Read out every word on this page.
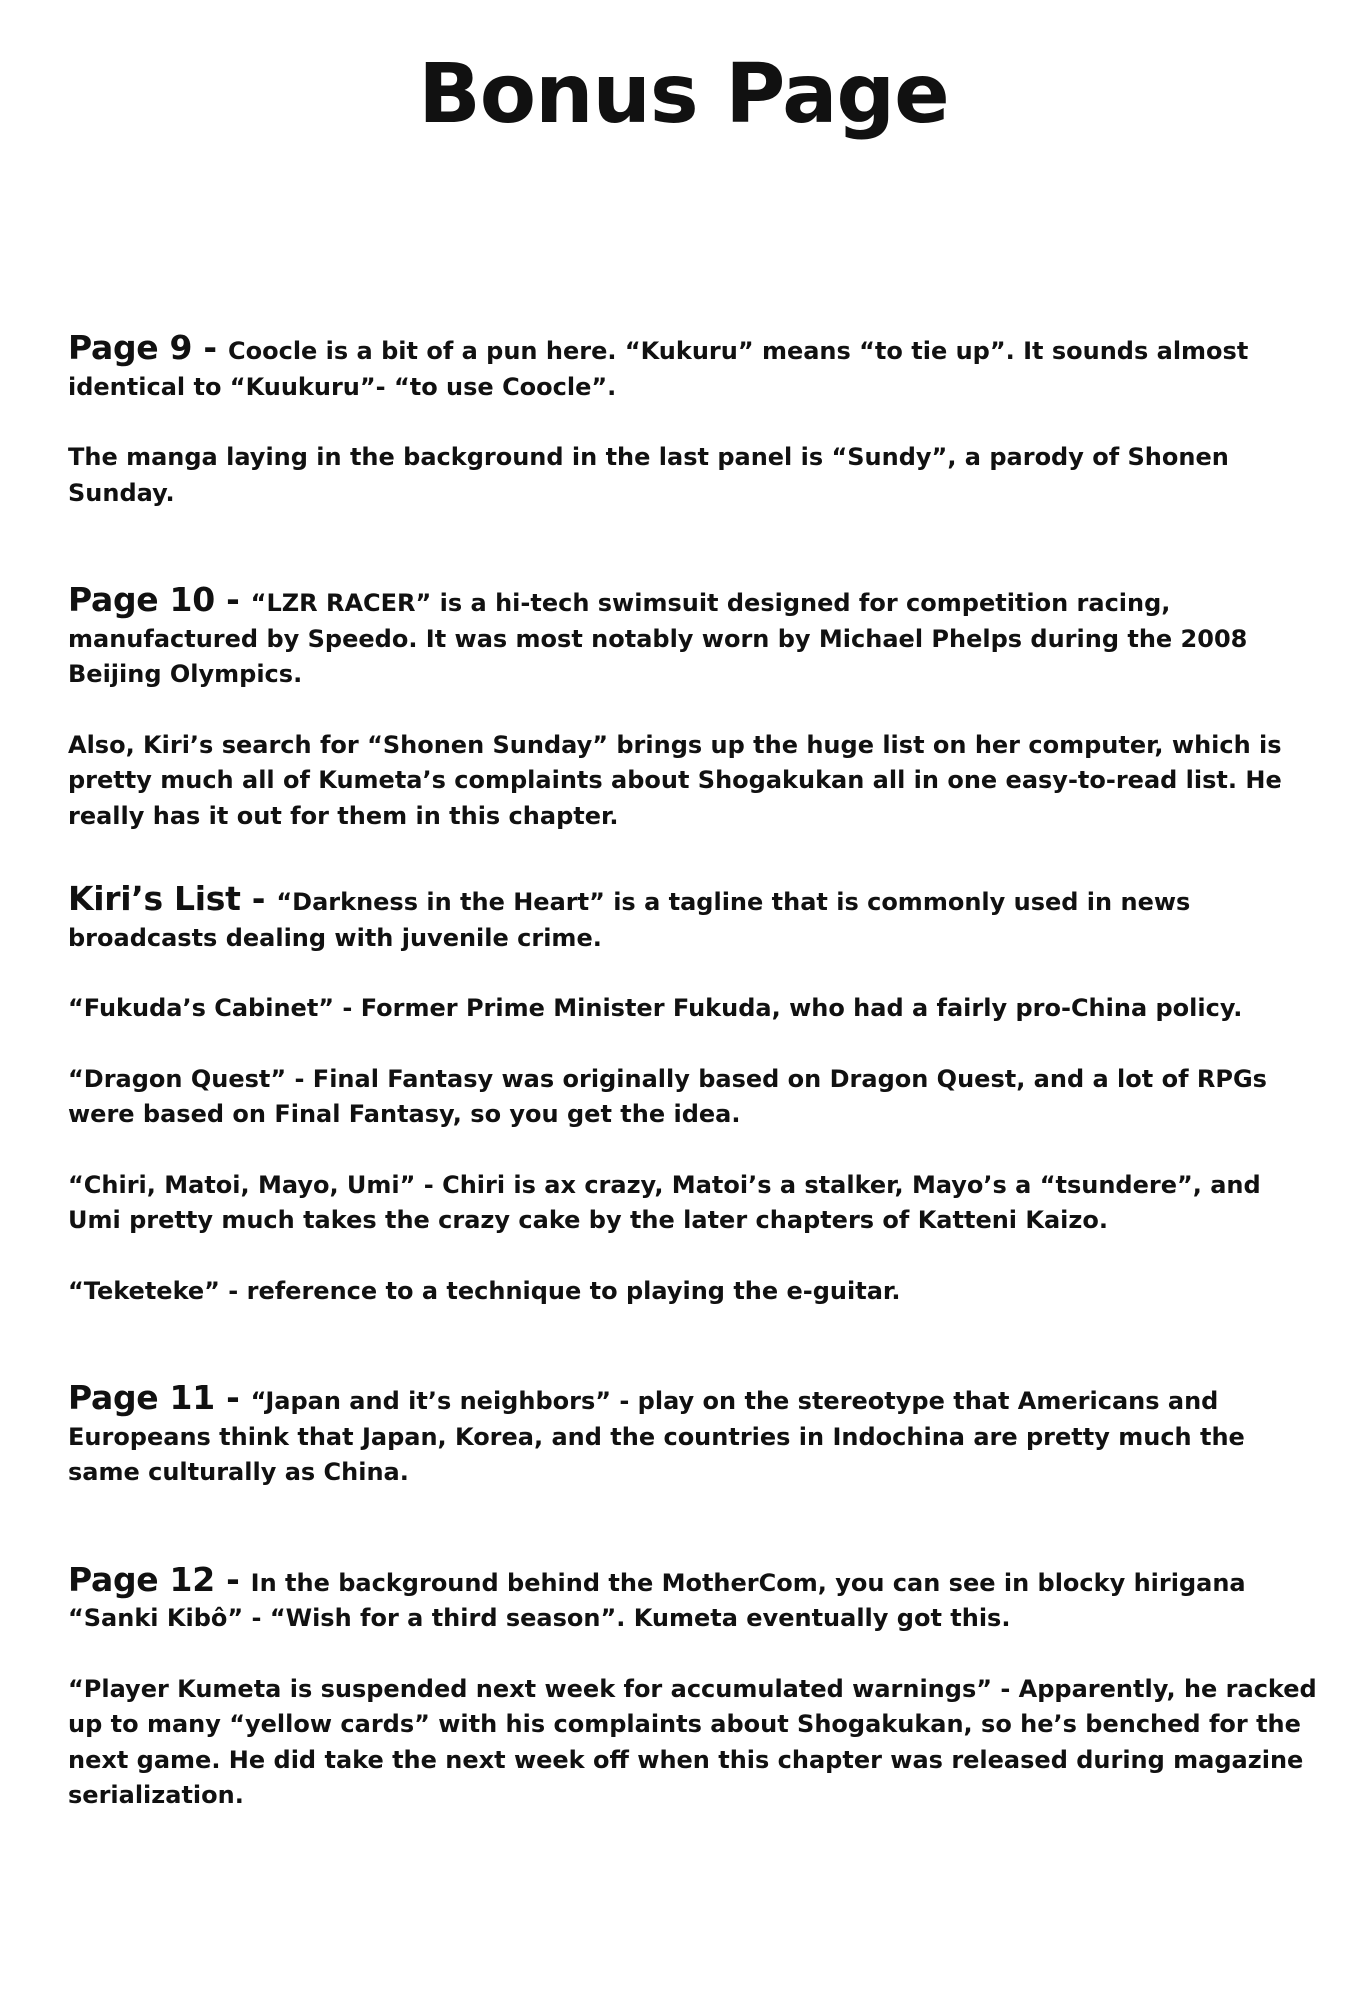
Bonus Page

Page 9 - Coocle is a bit of a pun here. “Kukuru” means “to tie up”. It sounds almost identical to “Kuukuru”- “to use Coocle”.

The manga laying in the background in the last panel is “Sundy”, a parody of Shonen Sunday.

Page 10 - “LZR RACER” is a hi-tech swimsuit designed for competition racing, manufactured by Speedo. It was most notably worn by Michael Phelps during the 2008 Beijing Olympics.

Also, Kiri’s search for “Shonen Sunday” brings up the huge list on her computer, which is pretty much all of Kumeta’s complaints about Shogakukan all in one easy-to-read list. He really has it out for them in this chapter.

Kiri’s List - “Darkness in the Heart” is a tagline that is commonly used in news broadcasts dealing with juvenile crime.

“Fukuda’s Cabinet” - Former Prime Minister Fukuda, who had a fairly pro-China policy.

“Dragon Quest” - Final Fantasy was originally based on Dragon Quest, and a lot of RPGs were based on Final Fantasy, so you get the idea.

“Chiri, Matoi, Mayo, Umi” - Chiri is ax crazy, Matoi’s a stalker, Mayo’s a “tsundere”, and Umi pretty much takes the crazy cake by the later chapters of Katteni Kaizo.

“Teketeke” - reference to a technique to playing the e-guitar.

Page 11 - “Japan and it’s neighbors” - play on the stereotype that Americans and Europeans think that Japan, Korea, and the countries in Indochina are pretty much the same culturally as China.

Page 12 - In the background behind the MotherCom, you can see in blocky hirigana “Sanki Kibô” - “Wish for a third season”. Kumeta eventually got this.

“Player Kumeta is suspended next week for accumulated warnings” - Apparently, he racked up to many “yellow cards” with his complaints about Shogakukan, so he’s benched for the next game. He did take the next week off when this chapter was released during magazine serialization.
